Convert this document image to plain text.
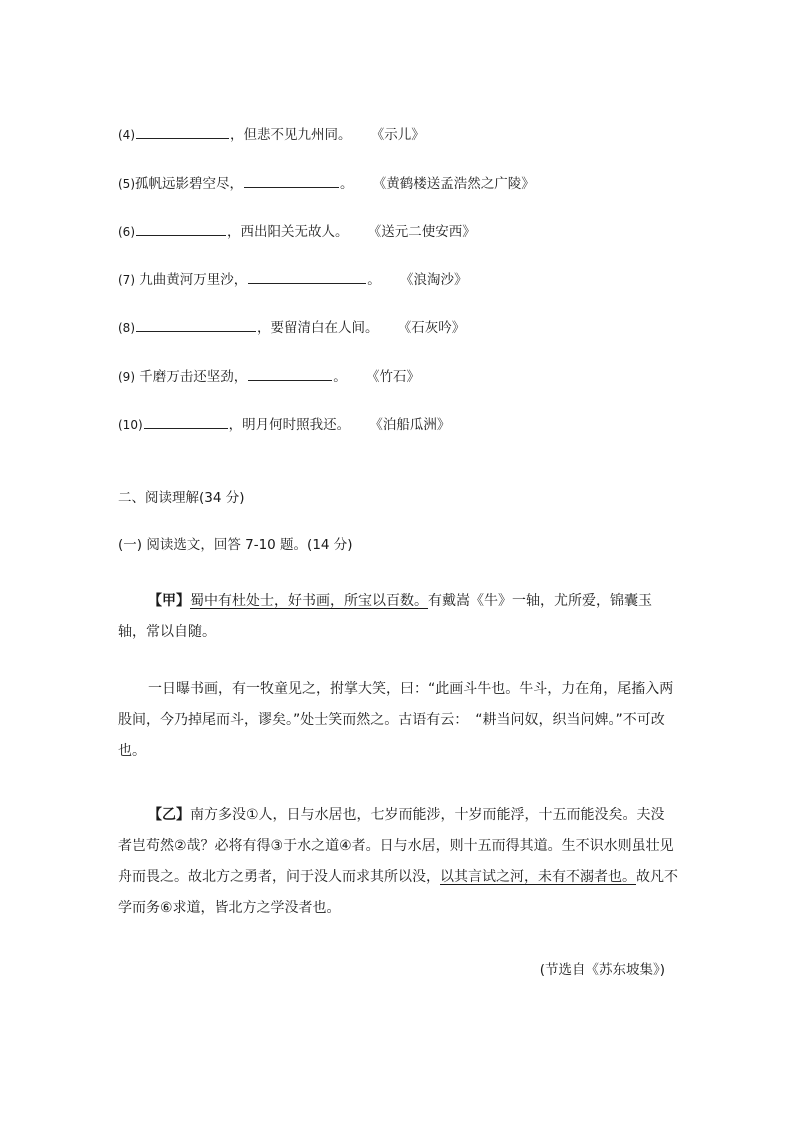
(4)	，但悲不见九州同。 《示儿》
(5)孤帆远影碧空尽，	。 《黄鹤楼送孟浩然之广陵》
(6)	，西出阳关无故人。 《送元二使安西》
(7) 九曲黄河万里沙，	。 《浪淘沙》
(8)	，要留清白在人间。 《石灰吟》
(9) 千磨万击还坚劲，	。 《竹石》
(10)	，明月何时照我还。 《泊船瓜洲》
二、阅读理解(34 分)
(一) 阅读选文，回答 7-10 题。(14 分)
【甲】蜀中有杜处士，好书画，所宝以百数。有戴嵩《牛》一轴，尤所爱，锦囊玉轴，常以自随。
一日曝书画，有一牧童见之，拊掌大笑，曰：“此画斗牛也。牛斗，力在角，尾搐入两股间，今乃掉尾而斗，谬矣。”处士笑而然之。古语有云：　“耕当问奴，织当问婢。”不可改也。
【乙】南方多没①人，日与水居也，七岁而能涉，十岁而能浮，十五而能没矣。夫没者岂苟然②哉？必将有得③于水之道④者。日与水居，则十五而得其道。生不识水则虽壮见舟而畏之。故北方之勇者，问于没人而求其所以没，以其言试之河，未有不溺者也。故凡不学而务⑥求道，皆北方之学没者也。
(节选自《苏东坡集》)
